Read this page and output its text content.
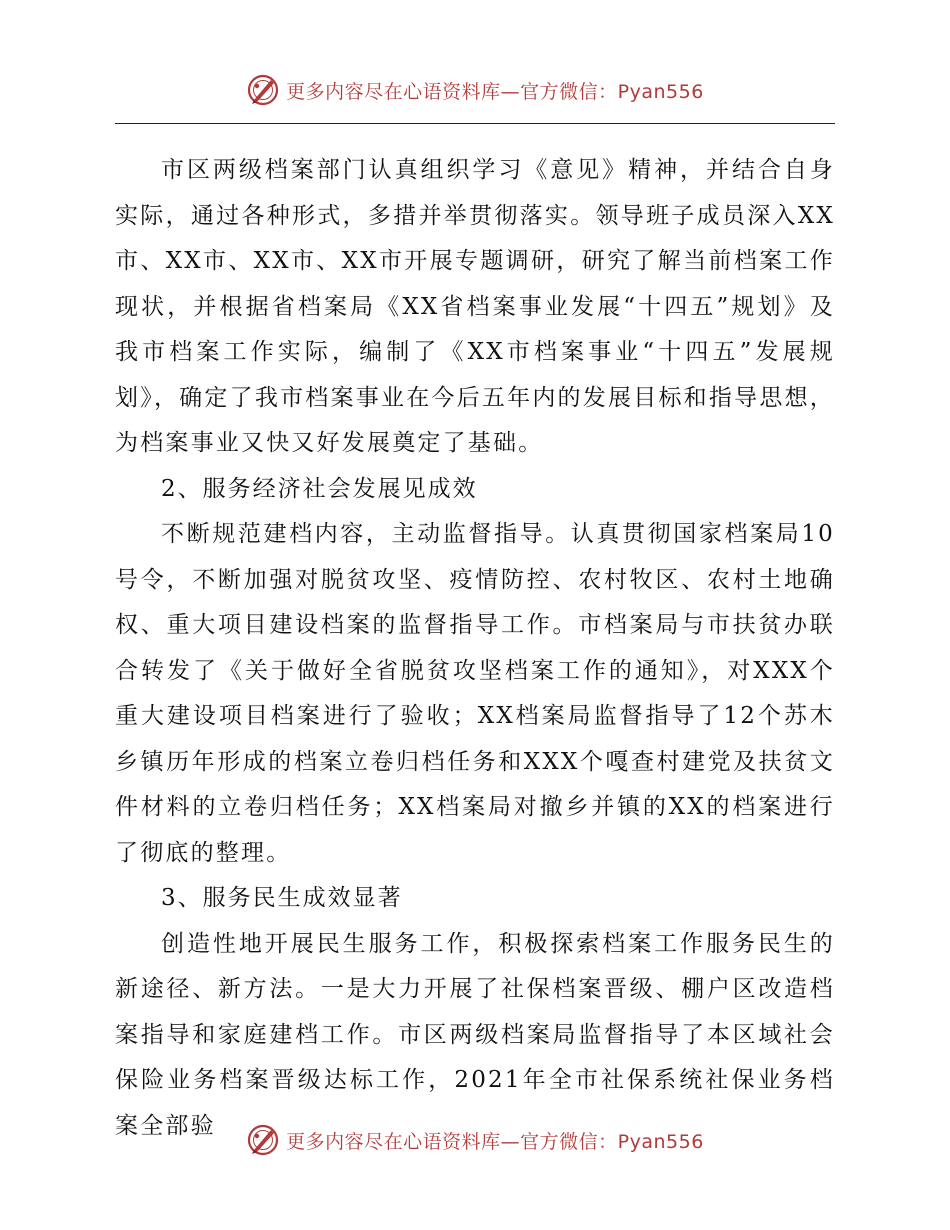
更多内容尽在心语资料库—官方微信：Pyan556

市区两级档案部门认真组织学习《意见》精神，并结合自身实际，通过各种形式，多措并举贯彻落实。领导班子成员深入XX市、XX市、XX市、XX市开展专题调研，研究了解当前档案工作现状，并根据省档案局《XX省档案事业发展“十四五”规划》及我市档案工作实际，编制了《XX市档案事业“十四五”发展规划》，确定了我市档案事业在今后五年内的发展目标和指导思想，为档案事业又快又好发展奠定了基础。

2、服务经济社会发展见成效

不断规范建档内容，主动监督指导。认真贯彻国家档案局10号令，不断加强对脱贫攻坚、疫情防控、农村牧区、农村土地确权、重大项目建设档案的监督指导工作。市档案局与市扶贫办联合转发了《关于做好全省脱贫攻坚档案工作的通知》，对XXX个重大建设项目档案进行了验收；XX档案局监督指导了12个苏木乡镇历年形成的档案立卷归档任务和XXX个嘎查村建党及扶贫文件材料的立卷归档任务；XX档案局对撤乡并镇的XX的档案进行了彻底的整理。

3、服务民生成效显著

创造性地开展民生服务工作，积极探索档案工作服务民生的新途径、新方法。一是大力开展了社保档案晋级、棚户区改造档案指导和家庭建档工作。市区两级档案局监督指导了本区域社会保险业务档案晋级达标工作，2021年全市社保系统社保业务档案全部验

更多内容尽在心语资料库—官方微信：Pyan556
